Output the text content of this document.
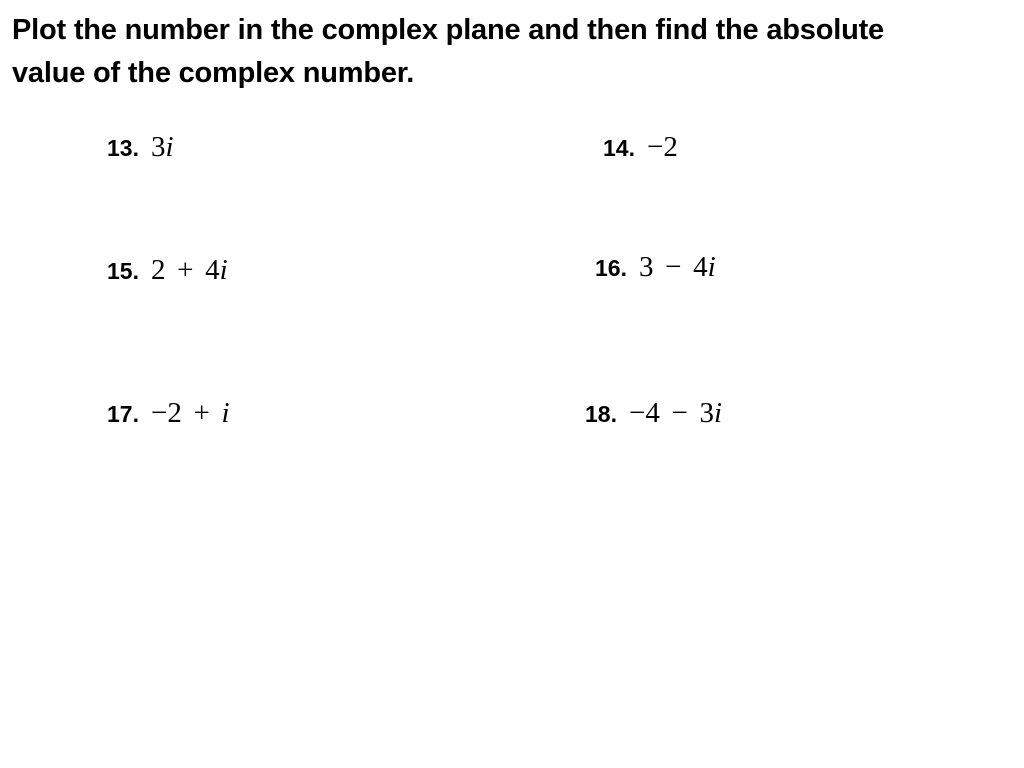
Plot the number in the complex plane and then find the absolute
value of the complex number.
13. 3i	14. −2
15. 2   +   4i	16. 3   −   4i
17. −2   +   i	18. −4   −   3i
